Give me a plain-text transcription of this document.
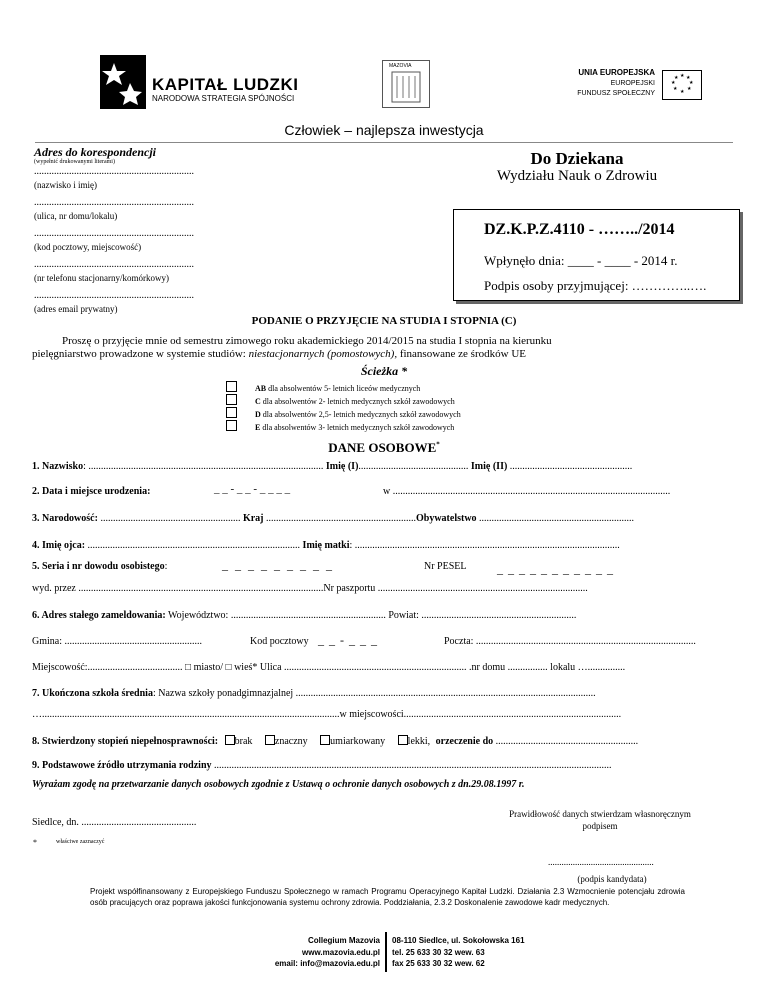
KAPITAŁ LUDZKI
NARODOWA STRATEGIA SPÓJNOŚCI
MAZOVIA
UNIA EUROPEJSKA
EUROPEJSKI
FUNDUSZ SPOŁECZNY
★ ★
★
★
★
★
★
★
Człowiek – najlepsza inwestycja
Adres do korespondencji
(wypełnić drukowanymi literami)
................................................................
(nazwisko i imię)
................................................................
(ulica, nr domu/lokalu)
................................................................
(kod pocztowy, miejscowość)
................................................................
(nr telefonu stacjonarny/komórkowy)
................................................................
(adres email prywatny)
Do Dziekana
Wydziału Nauk o Zdrowiu
DZ.K.P.Z.4110 - ……../2014
Wpłynęło dnia: ____ - ____ - 2014 r.
Podpis osoby przyjmującej: …………..….
PODANIE O PRZYJĘCIE NA STUDIA I STOPNIA (C)
Proszę o przyjęcie mnie od semestru zimowego roku akademickiego 2014/2015 na studia I stopnia na kierunku
pielęgniarstwo prowadzone w systemie studiów: niestacjonarnych (pomostowych), finansowane ze środków UE
Ścieżka *
AB dla absolwentów 5- letnich liceów medycznych
C dla absolwentów 2- letnich medycznych szkół zawodowych
D dla absolwentów 2,5- letnich medycznych szkół zawodowych
E dla absolwentów 3- letnich medycznych szkół zawodowych
DANE OSOBOWE*
1. Nazwisko: .............................................................................................. Imię (I)............................................ Imię (II) .................................................
2. Data i miejsce urodzenia:	_ _ - _ _ - _ _ _ _	w ...............................................................................................................
3. Narodowość: ........................................................ Kraj ............................................................Obywatelstwo ..............................................................
4. Imię ojca: ..................................................................................... Imię matki: ..........................................................................................................
5. Seria i nr dowodu osobistego:	_ _ _ _ _ _ _ _ _	Nr PESEL	_ _ _ _ _ _ _ _ _ _ _
wyd. przez ..................................................................................................Nr paszportu ....................................................................................
6. Adres stałego zameldowania: Województwo: .............................................................. Powiat: ..............................................................
Gmina: .......................................................	Kod pocztowy _ _ - _ _ _	Poczta: ........................................................................................
Miejscowość:...................................... □ miasto/ □ wieś* Ulica ......................................................................... .nr domu ................ lokalu …...............
7. Ukończona szkoła średnia: Nazwa szkoły ponadgimnazjalnej ........................................................................................................................
….......................................................................................................................w miejscowości.......................................................................................
8. Stwierdzony stopień niepełnosprawności: brak znaczny umiarkowany lekki, orzeczenie do .........................................................
9. Podstawowe źródło utrzymania rodziny ...............................................................................................................................................................
Wyrażam zgodę na przetwarzanie danych osobowych zgodnie z Ustawą o ochronie danych osobowych z dn.29.08.1997 r.
Siedlce, dn. ..............................................
Prawidłowość danych stwierdzam własnoręcznym
podpisem
*	właściwe zaznaczyć
...............................................
(podpis kandydata)
Projekt współfinansowany z Europejskiego Funduszu Społecznego w ramach Programu Operacyjnego Kapitał Ludzki. Działania 2.3 Wzmocnienie potencjału zdrowia osób pracujących oraz poprawa jakości funkcjonowania systemu ochrony zdrowia. Poddziałania, 2.3.2 Doskonalenie zawodowe kadr medycznych.
Collegium Mazovia
www.mazovia.edu.pl
email: info@mazovia.edu.pl
08-110 Siedlce, ul. Sokołowska 161
tel. 25 633 30 32 wew. 63
fax 25 633 30 32 wew. 62
